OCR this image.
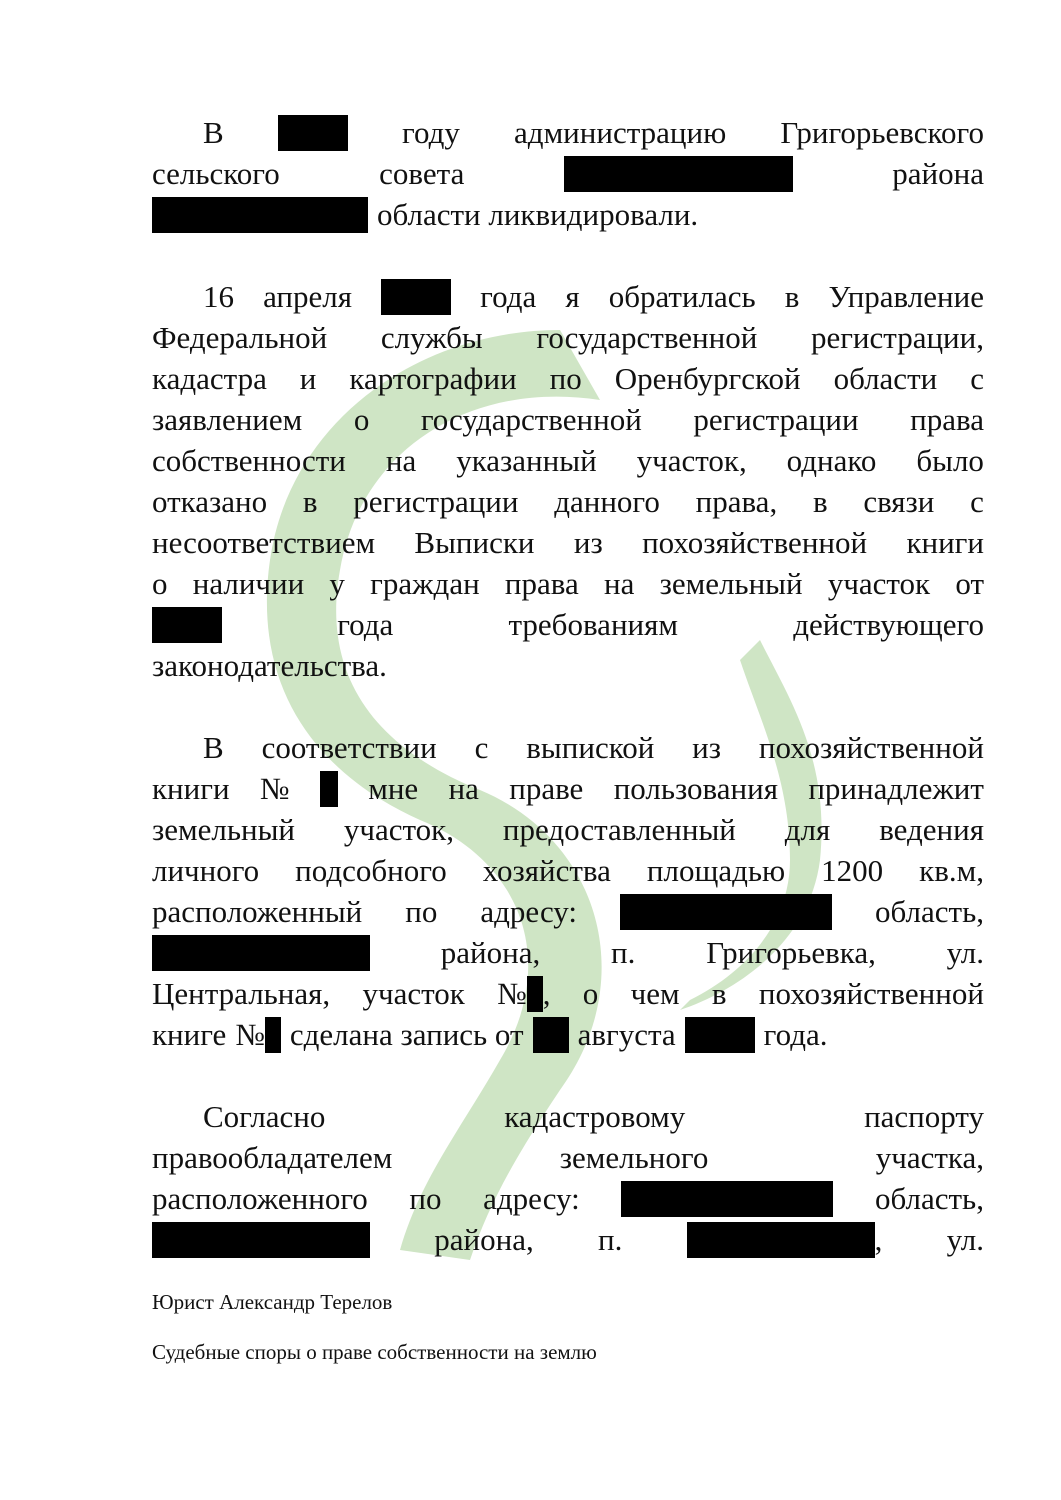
В	году администрацию Григорьевского
сельского	совета	района
области ликвидировали.
16 апреля	года я обратилась в Управление
Федеральной службы государственной регистрации,
кадастра и картографии по Оренбургской области с
заявлением о государственной регистрации права
собственности на указанный участок, однако было
отказано в регистрации данного права, в связи с
несоответствием Выписки из похозяйственной книги
о наличии у граждан права на земельный участок от
года	требованиям	действующего
законодательства.
В соответствии с выпиской из похозяйственной
книги №	мне на праве пользования принадлежит
земельный участок, предоставленный для ведения
личного подсобного хозяйства площадью 1200 кв.м,
расположенный по адресу:	область,
района, п. Григорьевка, ул.
Центральная, участок № , о чем в похозяйственной
книге № сделана запись от августа	года.
Согласно	кадастровому	паспорту
правообладателем	земельного	участка,
расположенного по адресу:	область,
района, п.	, ул.
Юрист Александр Терелов
Судебные споры о праве собственности на землю
